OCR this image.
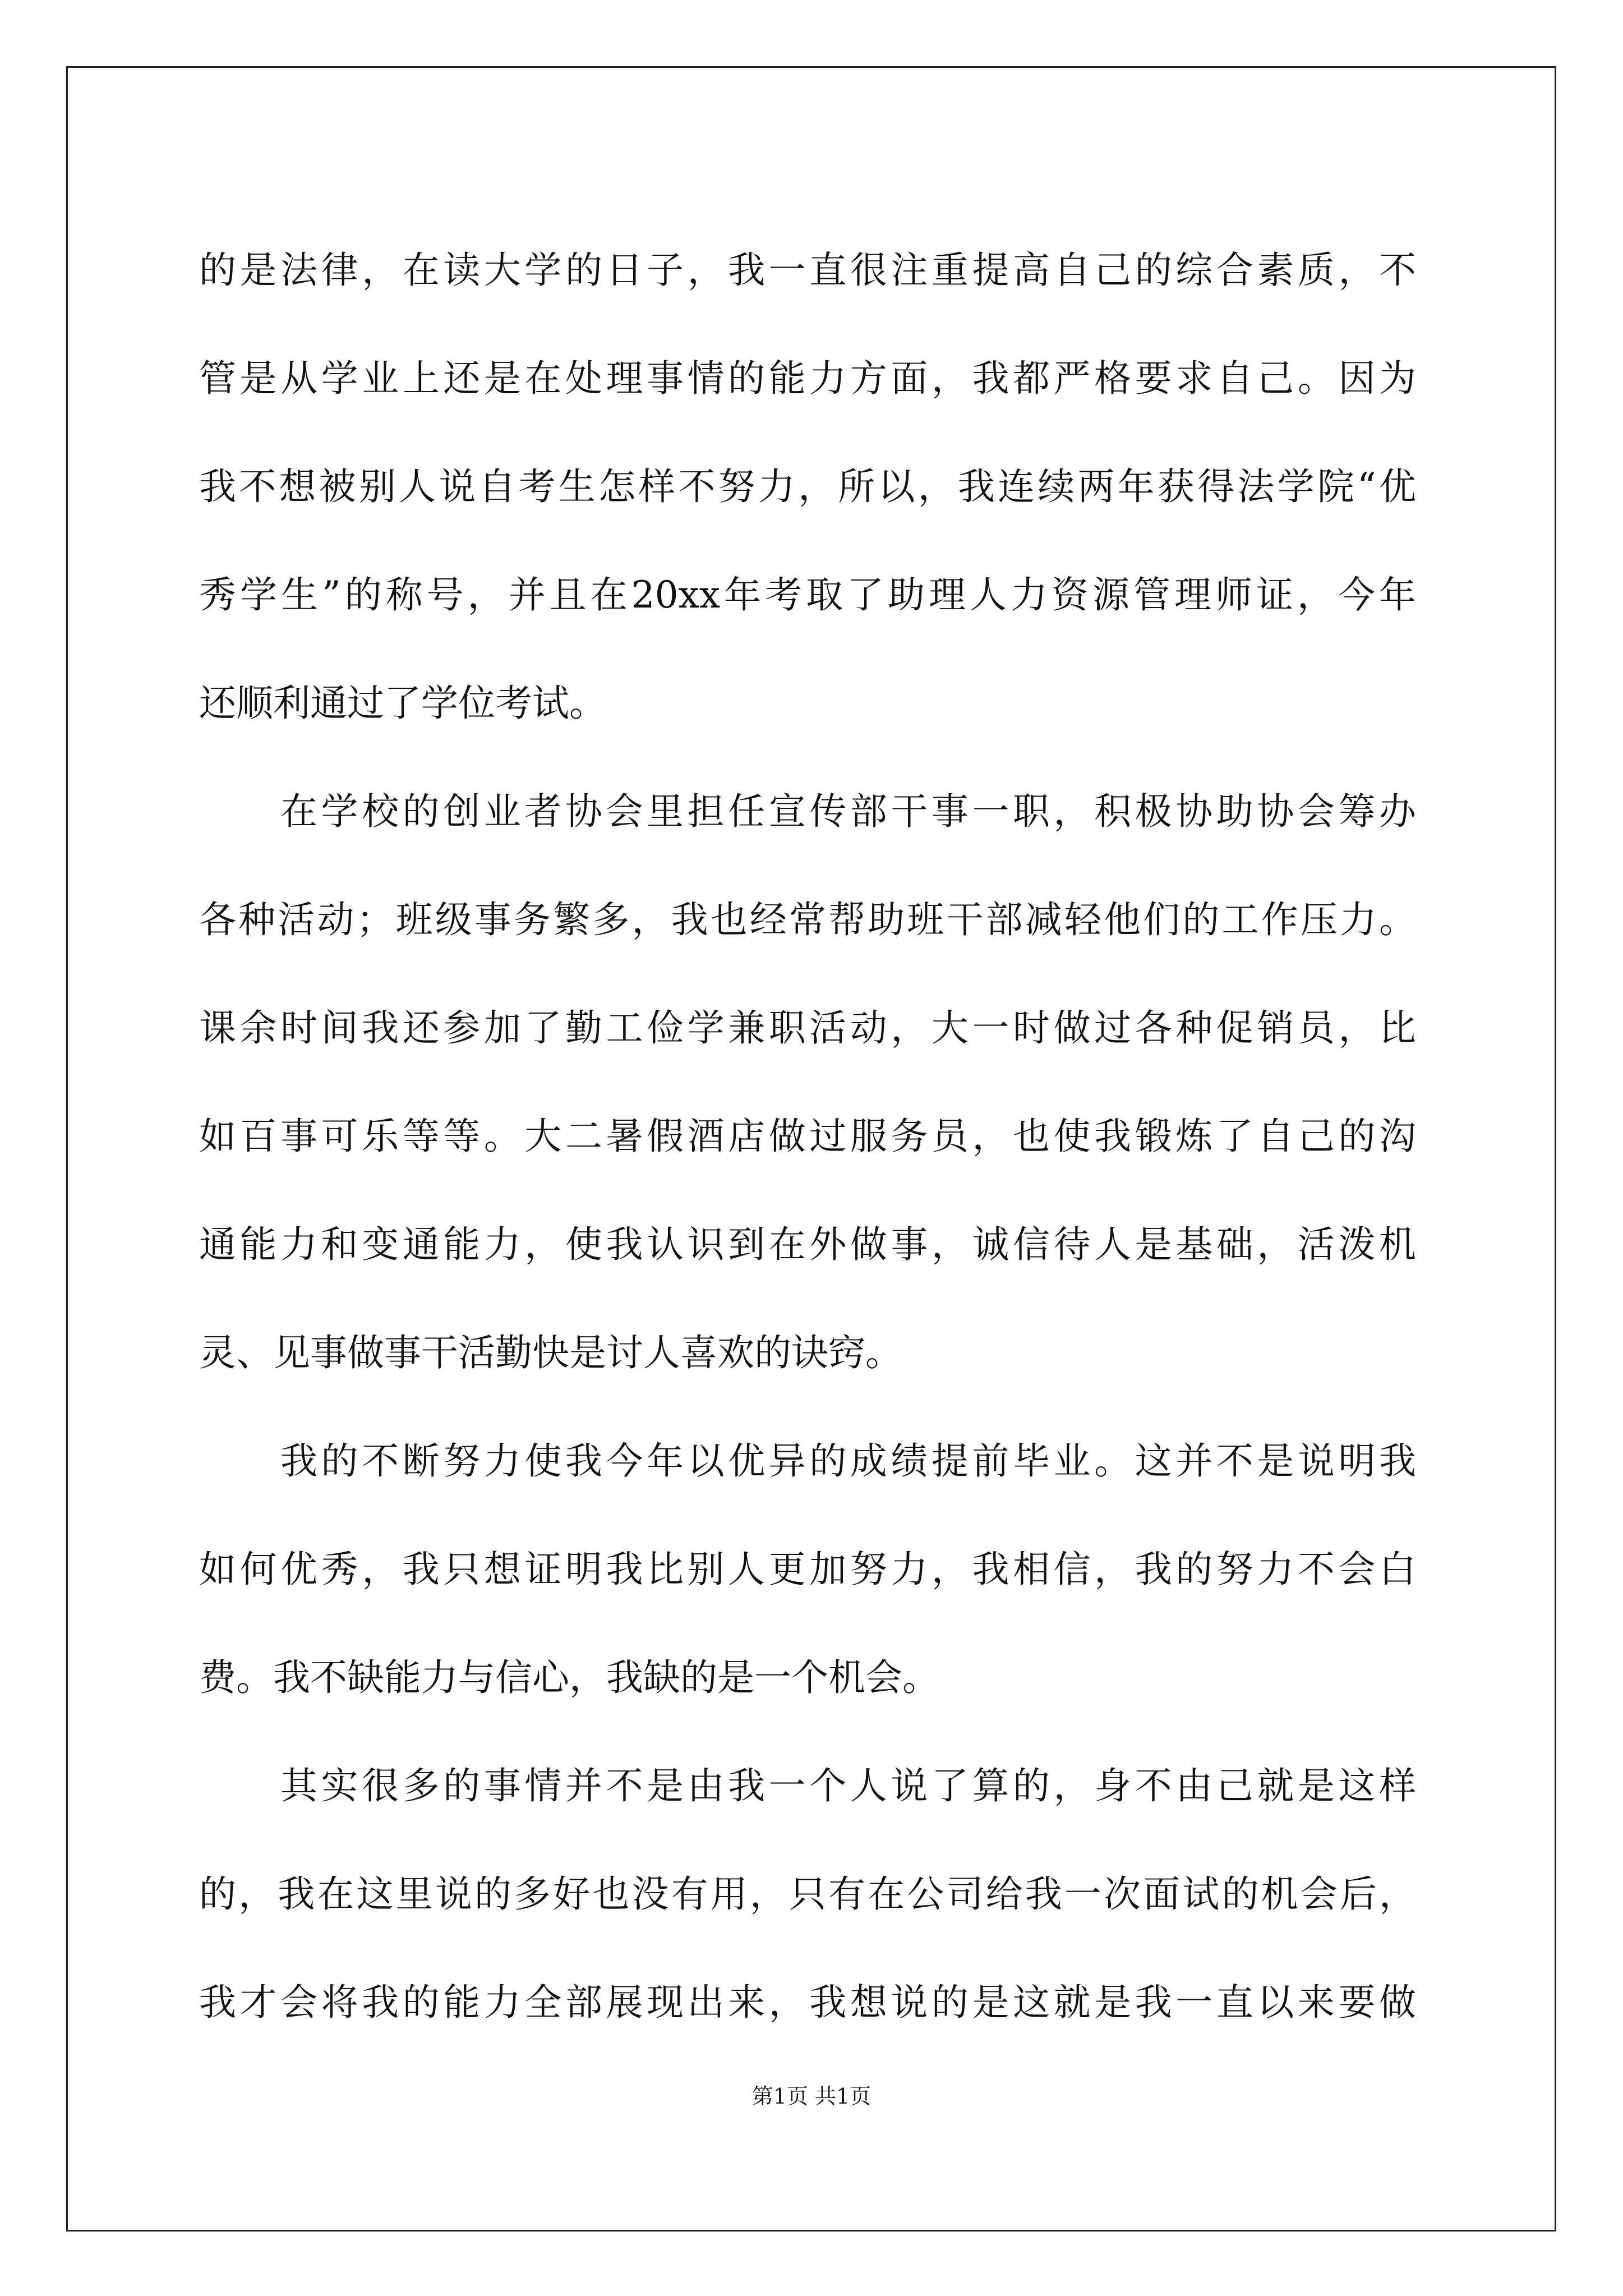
的是法律，在读大学的日子，我一直很注重提高自己的综合素质，不
管是从学业上还是在处理事情的能力方面，我都严格要求自己。因为
我不想被别人说自考生怎样不努力，所以，我连续两年获得法学院“优
秀学生”的称号，并且在20xx年考取了助理人力资源管理师证，今年
还顺利通过了学位考试。
在学校的创业者协会里担任宣传部干事一职，积极协助协会筹办
各种活动；班级事务繁多，我也经常帮助班干部减轻他们的工作压力。
课余时间我还参加了勤工俭学兼职活动，大一时做过各种促销员，比
如百事可乐等等。大二暑假酒店做过服务员，也使我锻炼了自己的沟
通能力和变通能力，使我认识到在外做事，诚信待人是基础，活泼机
灵、见事做事干活勤快是讨人喜欢的诀窍。
我的不断努力使我今年以优异的成绩提前毕业。这并不是说明我
如何优秀，我只想证明我比别人更加努力，我相信，我的努力不会白
费。我不缺能力与信心，我缺的是一个机会。
其实很多的事情并不是由我一个人说了算的，身不由己就是这样
的，我在这里说的多好也没有用，只有在公司给我一次面试的机会后，
我才会将我的能力全部展现出来，我想说的是这就是我一直以来要做
第1页 共1页
